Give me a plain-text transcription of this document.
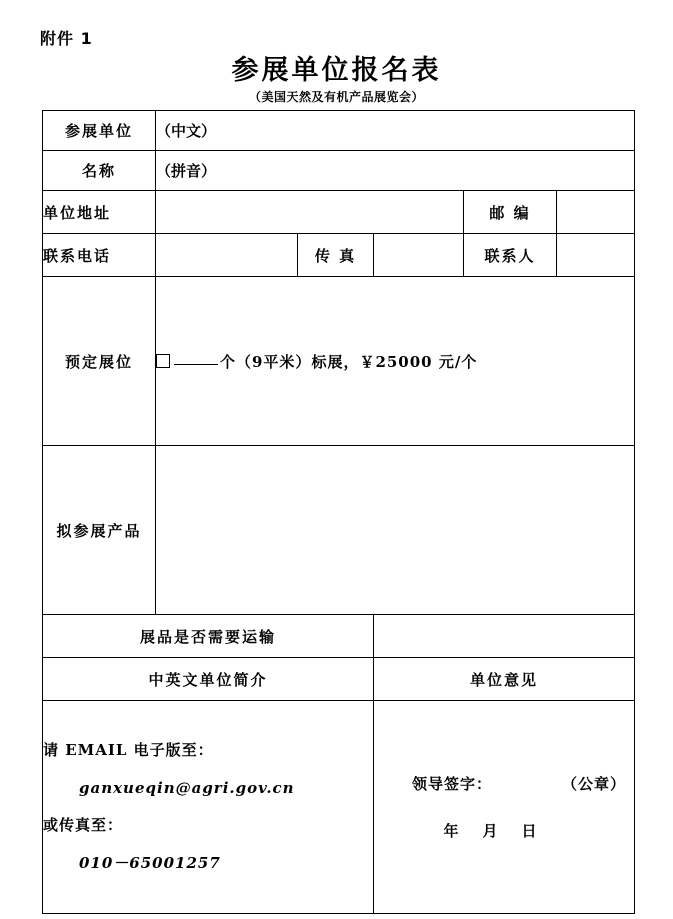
附件 1
参展单位报名表
（美国天然及有机产品展览会）
参展单位	（中文）				
名称	（拼音）				
单位地址				邮 编	
联系电话		传 真		联系人	
预定展位	个（9平米）标展，￥25000 元/个				
拟参展产品					
展品是否需要运输					
中英文单位简介			单位意见		

请 EMAIL 电子版至：
ganxueqin@agri.gov.cn
或传真至：
010－65001257

领导签字：	（公章）
年 月 日
